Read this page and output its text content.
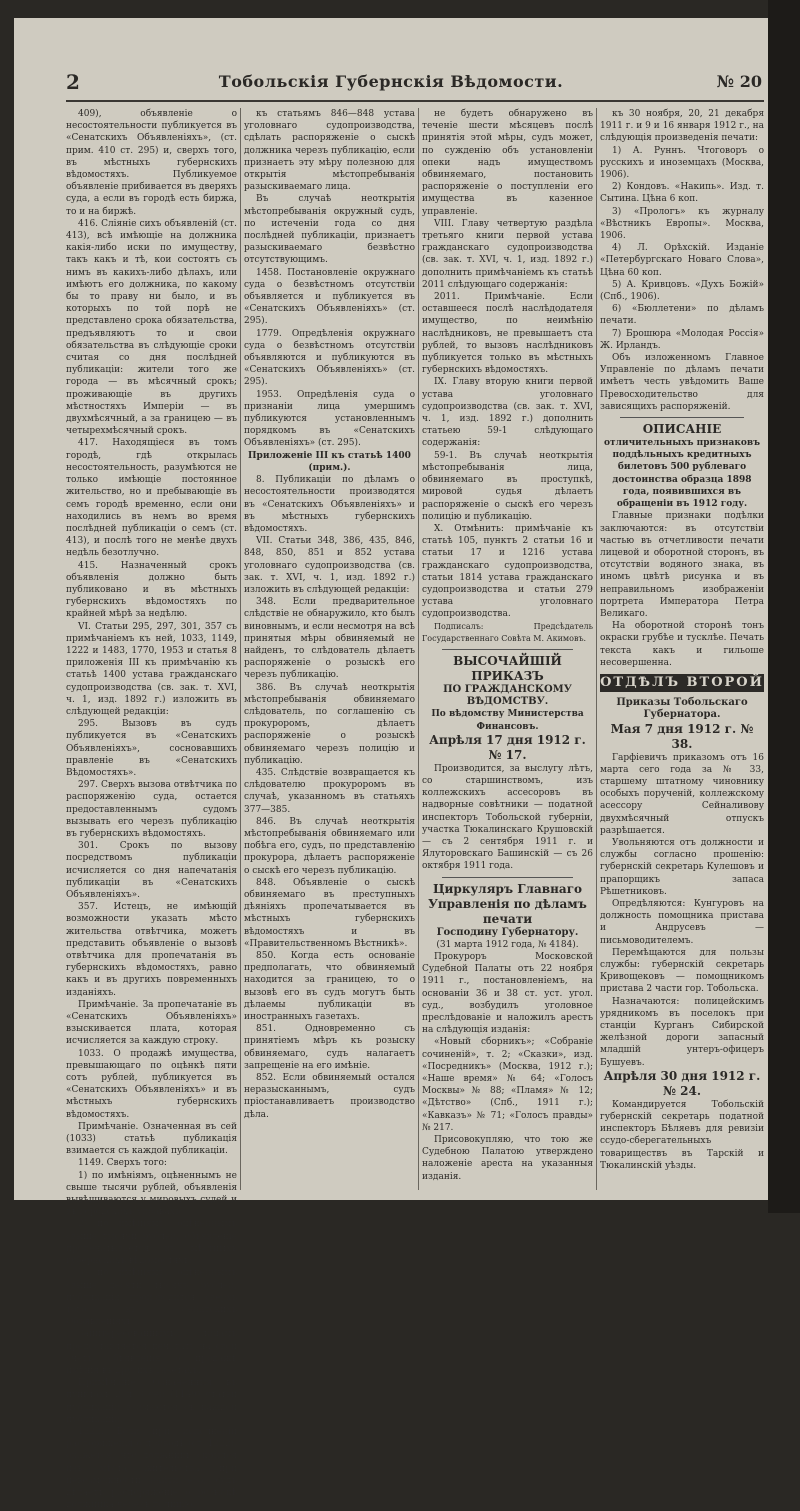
2	Тобольскія Губернскія Вѣдомости.	№ 20

409), объявленіе о несостоятельности публикуется въ «Сенатскихъ Объявленіяхъ», (ст. прим. 410 ст. 295) и, сверхъ того, въ мѣстныхъ губернскихъ вѣдомостяхъ. Публикуемое объявленіе прибивается въ дверяхъ суда, а если въ городѣ есть биржа, то и на биржѣ.

416. Сліяніе сихъ объявленій (ст. 413), всѣ имѣющіе на должника какія-либо иски по имуществу, такъ какъ и тѣ, кои состоятъ съ нимъ въ какихъ-либо дѣлахъ, или имѣютъ его должника, по какому бы то праву ни было, и въ которыхъ по той порѣ не представлено срока обязательства, предъявляютъ то и свои обязательства въ слѣдующіе сроки считая со дня послѣдней публикаціи: жители того же города — въ мѣсячный срокъ; проживающіе въ другихъ мѣстностяхъ Имперіи — въ двухмѣсячный, а за границею — въ четырехмѣсячный срокъ.

417. Находящіеся въ томъ городѣ, гдѣ открылась несостоятельность, разумѣются не только имѣющіе постоянное жительство, но и пребывающіе въ семъ городѣ временно, если они находились въ немъ во время послѣдней публикаціи о семъ (ст. 413), и послѣ того не менѣе двухъ недѣль безотлучно.

415. Назначенный срокъ объявленія должно быть публиковано и въ мѣстныхъ губернскихъ вѣдомостяхъ по крайней мѣрѣ за недѣлю.

VI. Статьи 295, 297, 301, 357 съ примѣчаніемъ къ ней, 1033, 1149, 1222 и 1483, 1770, 1953 и статья 8 приложенія III къ примѣчанію къ статьѣ 1400 устава гражданскаго судопроизводства (св. зак. т. XVI, ч. 1, изд. 1892 г.) изложить въ слѣдующей редакціи:

295. Вызовъ въ судъ публикуется въ «Сенатскихъ Объявленіяхъ», сосновавшихъ правленіе въ «Сенатскихъ Вѣдомостяхъ».

297. Сверхъ вызова отвѣтчика по распоряженію суда, остается предоставленнымъ судомъ вызывать его черезъ публикацію въ губернскихъ вѣдомостяхъ.

301. Срокъ по вызову посредствомъ публикаціи исчисляется со дня напечатанія публикаціи въ «Сенатскихъ Объявленіяхъ».

357. Истецъ, не имѣющій возможности указать мѣсто жительства отвѣтчика, можетъ представить объявленіе о вызовѣ отвѣтчика для пропечатанія въ губернскихъ вѣдомостяхъ, равно какъ и въ другихъ повременныхъ изданіяхъ.

Примѣчаніе. За пропечатаніе въ «Сенатскихъ Объявленіяхъ» взыскивается плата, которая исчисляется за каждую строку.

1033. О продажѣ имущества, превышающаго по оцѣнкѣ пяти сотъ рублей, публикуется въ «Сенатскихъ Объявленіяхъ» и въ мѣстныхъ губернскихъ вѣдомостяхъ.

Примѣчаніе. Означенная въ сей (1033) статьѣ публикація взимается съ каждой публикаціи.

1149. Сверхъ того:

1) по имѣніямъ, оцѣненнымъ не свыше тысячи рублей, объявленія вывѣшиваются у мировыхъ судей и въ городскихъ управахъ;

2) по имѣніямъ, оцѣненнымъ свыше тысячи рублей, объявленіе пропечатывается въ мѣстныхъ губернскихъ вѣдомостяхъ;

3) по имѣніямъ, оцѣненнымъ свыше десяти тысячъ рублей, публикація производится сверхъ того въ «Сенатскихъ Объявленіяхъ».

Заинтересованнымъ лицамъ предоставляется печатать на свой счетъ объявленія о продажѣ имѣнія въ другихъ газетахъ.

Примѣчаніе. Означенныя въ пунктахъ 2 и 3 сей (1149) статьи публикаціи взимаются съ каждой публикаціи.

1222. Если при исполненіи распоряженія о приводѣ (ст. 1222), окажется, что должникъ скрылся изъ мѣста жительства, при невозможности найти его, судъ дѣлаетъ распоряженіе о розыскѣ должника черезъ полицію.

къ статьямъ 846—848 устава уголовнаго судопроизводства, сдѣлать распоряженіе о сыскѣ должника черезъ публикацію, если признаетъ эту мѣру полезною для открытія мѣстопребыванія разыскиваемаго лица.

Въ случаѣ неоткрытія мѣстопребыванія окружный судъ, по истеченіи года со дня послѣдней публикаціи, признаетъ разыскиваемаго безвѣстно отсутствующимъ.

1458. Постановленіе окружнаго суда о безвѣстномъ отсутствіи объявляется и публикуется въ «Сенатскихъ Объявленіяхъ» (ст. 295).

1779. Опредѣленія окружнаго суда о безвѣстномъ отсутствіи объявляются и публикуются въ «Сенатскихъ Объявленіяхъ» (ст. 295).

1953. Опредѣленія суда о признаніи лица умершимъ публикуются установленнымъ порядкомъ въ «Сенатскихъ Объявленіяхъ» (ст. 295).

Приложеніе III къ статьѣ 1400 (прим.).

8. Публикаціи по дѣламъ о несостоятельности производятся въ «Сенатскихъ Объявленіяхъ» и въ мѣстныхъ губернскихъ вѣдомостяхъ.

VII. Статьи 348, 386, 435, 846, 848, 850, 851 и 852 устава уголовнаго судопроизводства (св. зак. т. XVI, ч. 1, изд. 1892 г.) изложить въ слѣдующей редакціи:

348. Если предварительное слѣдствіе не обнаружило, кто былъ виновнымъ, и если несмотря на всѣ принятыя мѣры обвиняемый не найденъ, то слѣдователь дѣлаетъ распоряженіе о розыскѣ его черезъ публикацію.

386. Въ случаѣ неоткрытія мѣстопребыванія обвиняемаго слѣдователь, по соглашенію съ прокуроромъ, дѣлаетъ распоряженіе о розыскѣ обвиняемаго черезъ полицію и публикацію.

435. Слѣдствіе возвращается къ слѣдователю прокуроромъ въ случаѣ, указанномъ въ статьяхъ 377—385.

846. Въ случаѣ неоткрытія мѣстопребыванія обвиняемаго или побѣга его, судъ, по представленію прокурора, дѣлаетъ распоряженіе о сыскѣ его черезъ публикацію.

848. Объявленіе о сыскѣ обвиняемаго въ преступныхъ дѣяніяхъ пропечатывается въ мѣстныхъ губернскихъ вѣдомостяхъ и въ «Правительственномъ Вѣстникѣ».

850. Когда есть основаніе предполагать, что обвиняемый находится за границею, то о вызовѣ его въ судъ могутъ быть дѣлаемы публикаціи въ иностранныхъ газетахъ.

851. Одновременно съ принятіемъ мѣръ къ розыску обвиняемаго, судъ налагаетъ запрещеніе на его имѣніе.

852. Если обвиняемый остался неразысканнымъ, судъ пріостанавливаетъ производство дѣла.

не будетъ обнаружено въ теченіе шести мѣсяцевъ послѣ принятія этой мѣры, судъ может, по сужденію объ установленіи опеки надъ имуществомъ обвиняемаго, постановить распоряженіе о поступленіи его имущества въ казенное управленіе.

VIII. Главу четвертую раздѣла третьяго книги первой устава гражданскаго судопроизводства (св. зак. т. XVI, ч. 1, изд. 1892 г.) дополнить примѣчаніемъ къ статьѣ 2011 слѣдующаго содержанія:

2011. Примѣчаніе. Если оставшееся послѣ наслѣдодателя имущество, по неимѣнію наслѣдниковъ, не превышаетъ ста рублей, то вызовъ наслѣдниковъ публикуется только въ мѣстныхъ губернскихъ вѣдомостяхъ.

IX. Главу вторую книги первой устава уголовнаго судопроизводства (св. зак. т. XVI, ч. 1, изд. 1892 г.) дополнить статьею 59-1 слѣдующаго содержанія:

59-1. Въ случаѣ неоткрытія мѣстопребыванія лица, обвиняемаго въ проступкѣ, мировой судья дѣлаетъ распоряженіе о сыскѣ его черезъ полицію и публикацію.

X. Отмѣнить: примѣчаніе къ статьѣ 105, пунктъ 2 статьи 16 и статьи 17 и 1216 устава гражданскаго судопроизводства, статьи 1814 устава гражданскаго судопроизводства и статьи 279 устава уголовнаго судопроизводства.

Подписалъ: Предсѣдатель Государственнаго Совѣта М. Акимовъ.

ВЫСОЧАЙШІЙ ПРИКАЗЪ

ПО ГРАЖДАНСКОМУ ВѢДОМСТВУ.

По вѣдомству Министерства Финансовъ.

Апрѣля 17 дня 1912 г. № 17.

Производится, за выслугу лѣтъ, со старшинствомъ, изъ коллежскихъ ассесоровъ въ надворные совѣтники — податной инспекторъ Тобольской губерніи, участка Тюкалинскаго Крушовскій — съ 2 сентября 1911 г. и Ялуторовскаго Башинскій — съ 26 октября 1911 года.

Циркуляръ Главнаго Управленія по дѣламъ печати

Господину Губернатору.

(31 марта 1912 года, № 4184).

Прокуроръ Московской Судебной Палаты отъ 22 ноября 1911 г., постановленіемъ, на основаніи 36 и 38 ст. уст. угол. суд., возбудилъ уголовное преслѣдованіе и наложилъ арестъ на слѣдующія изданія:

«Новый сборникъ»; «Собраніе сочиненій», т. 2; «Сказки», изд. «Посредникъ» (Москва, 1912 г.); «Наше время» № 64; «Голосъ Москвы» № 88; «Пламя» № 12; «Дѣтство» (Спб., 1911 г.); «Кавказъ» № 71; «Голосъ правды» № 217.

Присовокупляю, что тою же Судебною Палатою утверждено наложеніе ареста на указанныя изданія.

къ 30 ноября, 20, 21 декабря 1911 г. и 9 и 16 января 1912 г., на слѣдующія произведенія печати:

1) А. Руннъ. Чтоговоръ о русскихъ и иноземцахъ (Москва, 1906).

2) Кондовъ. «Накипь». Изд. т. Сытина. Цѣна 6 коп.

3) «Прологъ» къ журналу «Вѣстникъ Европы». Москва, 1906.

4) Л. Орѣхскій. Изданіе «Петербургскаго Новаго Слова», Цѣна 60 коп.

5) А. Кривцовъ. «Духъ Божій» (Спб., 1906).

6) «Бюллетени» по дѣламъ печати.

7) Брошюра «Молодая Россія» Ж. Ирландъ.

Объ изложенномъ Главное Управленіе по дѣламъ печати имѣетъ честь увѣдомить Ваше Превосходительство для зависящихъ распоряженій.

ОПИСАНІЕ

отличительныхъ признаковъ поддѣльныхъ кредитныхъ билетовъ 500 рублеваго достоинства образца 1898 года, появившихся въ обращеніи въ 1912 году.

Главные признаки подѣлки заключаются: въ отсутствіи частью въ отчетливости печати лицевой и оборотной сторонъ, въ отсутствіи водяного знака, въ иномъ цвѣтѣ рисунка и въ неправильномъ изображеніи портрета Императора Петра Великаго.

На оборотной сторонѣ тонъ окраски грубѣе и тусклѣе. Печать текста какъ и гильоше несовершенна.

ОТДѢЛЪ ВТОРОЙ

Приказы Тобольскаго Губернатора.

Мая 7 дня 1912 г. № 38.

Гарфіевичъ приказомъ отъ 16 марта сего года за № 33, старшему штатному чиновнику особыхъ порученій, коллежскому асессору Сейналивову двухмѣсячный отпускъ разрѣшается.

Увольняются отъ должности и службы согласно прошенію: губернскій секретарь Кулешовъ и прапорщикъ запаса Рѣшетниковъ.

Опредѣляются: Кунгуровъ на должность помощника пристава и Андрусевъ — письмоводителемъ.

Перемѣщаются для пользы службы: губернскій секретарь Кривощековъ — помощникомъ пристава 2 части гор. Тобольска.

Назначаются: полицейскимъ урядникомъ въ поселокъ при станціи Курганъ Сибирской желѣзной дороги запасный младшій унтеръ-офицеръ Бушуевъ.

Апрѣля 30 дня 1912 г. № 24.

Командируется Тобольскій губернскій секретарь податной инспекторъ Бѣляевъ для ревизіи ссудо-сберегательныхъ товариществъ въ Тарскій и Тюкалинскій уѣзды.
